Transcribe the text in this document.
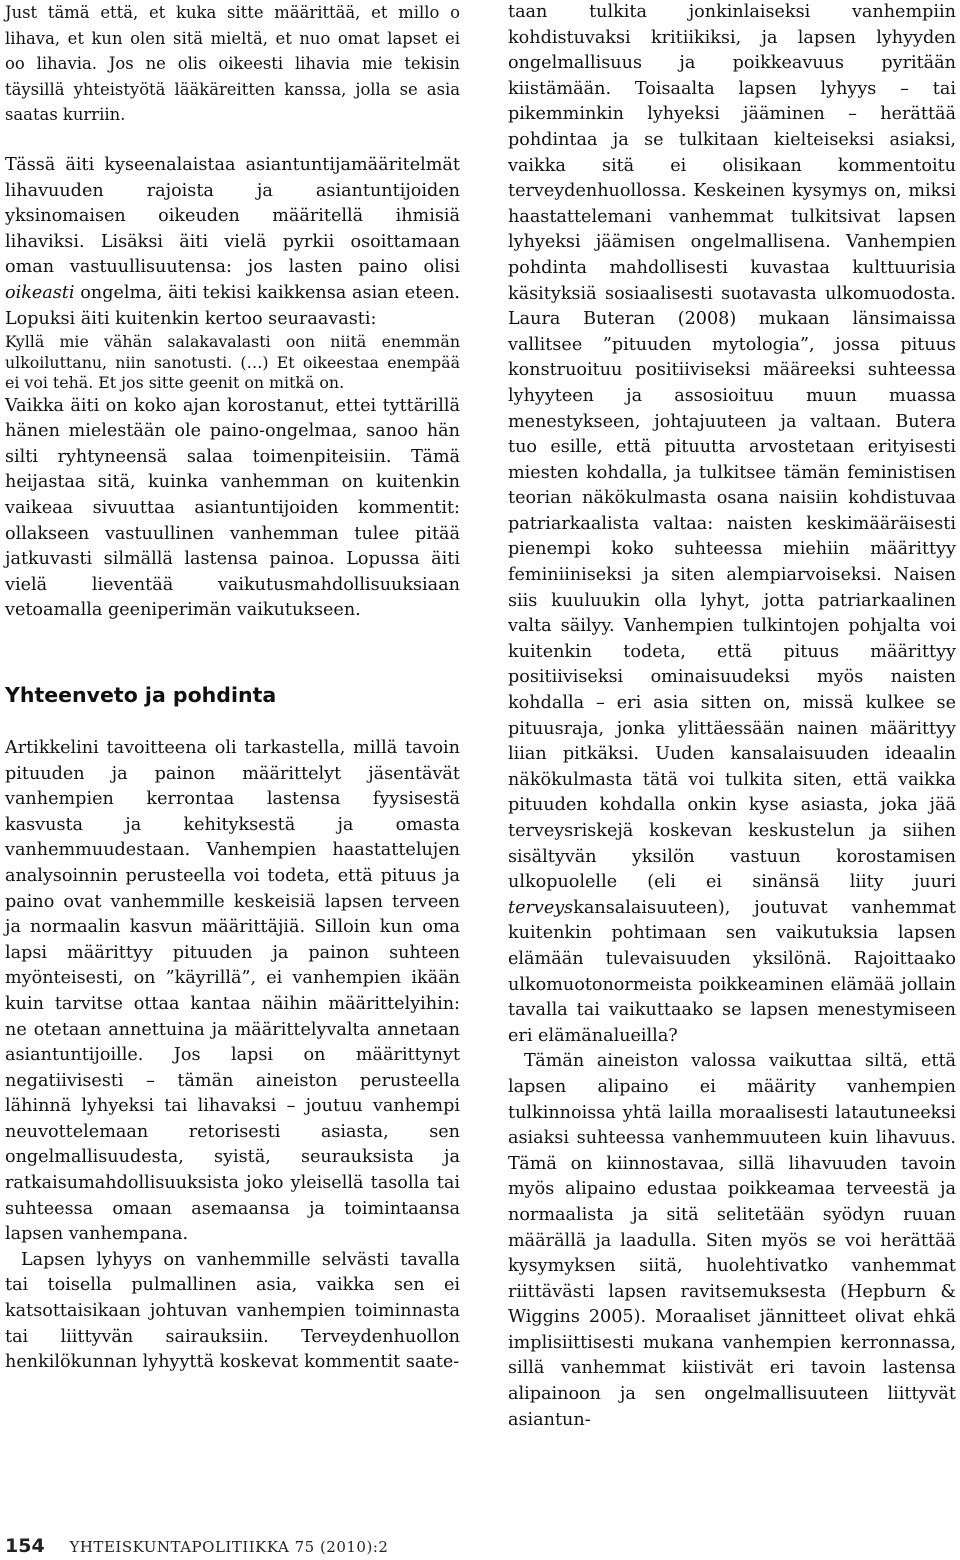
Just tämä että, et kuka sitte määrittää, et millo o lihava, et kun olen sitä mieltä, et nuo omat lapset ei oo lihavia. Jos ne olis oikeesti lihavia mie tekisin täysillä yhteistyötä lääkäreitten kanssa, jolla se asia saatas kurriin.

Tässä äiti kyseenalaistaa asiantuntijamääritelmät lihavuuden rajoista ja asiantuntijoiden yksinomaisen oikeuden määritellä ihmisiä lihaviksi. Lisäksi äiti vielä pyrkii osoittamaan oman vastuullisuutensa: jos lasten paino olisi oikeasti ongelma, äiti tekisi kaikkensa asian eteen. Lopuksi äiti kuitenkin kertoo seuraavasti:

Kyllä mie vähän salakavalasti oon niitä enemmän ulkoiluttanu, niin sanotusti. (…) Et oikeestaa enempää ei voi tehä. Et jos sitte geenit on mitkä on.

Vaikka äiti on koko ajan korostanut, ettei tyttärillä hänen mielestään ole paino-ongelmaa, sanoo hän silti ryhtyneensä salaa toimenpiteisiin. Tämä heijastaa sitä, kuinka vanhemman on kuitenkin vaikeaa sivuuttaa asiantuntijoiden kommentit: ollakseen vastuullinen vanhemman tulee pitää jatkuvasti silmällä lastensa painoa. Lopussa äiti vielä lieventää vaikutusmahdollisuuksiaan vetoamalla geeniperimän vaikutukseen.

Yhteenveto ja pohdinta

Artikkelini tavoitteena oli tarkastella, millä tavoin pituuden ja painon määrittelyt jäsentävät vanhempien kerrontaa lastensa fyysisestä kasvusta ja kehityksestä ja omasta vanhemmuudestaan. Vanhempien haastattelujen analysoinnin perusteella voi todeta, että pituus ja paino ovat vanhemmille keskeisiä lapsen terveen ja normaalin kasvun määrittäjiä. Silloin kun oma lapsi määrittyy pituuden ja painon suhteen myönteisesti, on ”käyrillä”, ei vanhempien ikään kuin tarvitse ottaa kantaa näihin määrittelyihin: ne otetaan annettuina ja määrittelyvalta annetaan asiantuntijoille. Jos lapsi on määrittynyt negatiivisesti – tämän aineiston perusteella lähinnä lyhyeksi tai lihavaksi – joutuu vanhempi neuvottelemaan retorisesti asiasta, sen ongelmallisuudesta, syistä, seurauksista ja ratkaisumahdollisuuksista joko yleisellä tasolla tai suhteessa omaan asemaansa ja toimintaansa lapsen vanhempana.

Lapsen lyhyys on vanhemmille selvästi tavalla tai toisella pulmallinen asia, vaikka sen ei katsottaisikaan johtuvan vanhempien toiminnasta tai liittyvän sairauksiin. Terveydenhuollon henkilökunnan lyhyyttä koskevat kommentit saate-

taan tulkita jonkinlaiseksi vanhempiin kohdistuvaksi kritiikiksi, ja lapsen lyhyyden ongelmallisuus ja poikkeavuus pyritään kiistämään. Toisaalta lapsen lyhyys – tai pikemminkin lyhyeksi jääminen – herättää pohdintaa ja se tulkitaan kielteiseksi asiaksi, vaikka sitä ei olisikaan kommentoitu terveydenhuollossa. Keskeinen kysymys on, miksi haastattelemani vanhemmat tulkitsivat lapsen lyhyeksi jäämisen ongelmallisena. Vanhempien pohdinta mahdollisesti kuvastaa kulttuurisia käsityksiä sosiaalisesti suotavasta ulkomuodosta. Laura Buteran (2008) mukaan länsimaissa vallitsee ”pituuden mytologia”, jossa pituus konstruoituu positiiviseksi määreeksi suhteessa lyhyyteen ja assosioituu muun muassa menestykseen, johtajuuteen ja valtaan. Butera tuo esille, että pituutta arvostetaan erityisesti miesten kohdalla, ja tulkitsee tämän feministisen teorian näkökulmasta osana naisiin kohdistuvaa patriarkaalista valtaa: naisten keskimääräisesti pienempi koko suhteessa miehiin määrittyy feminiiniseksi ja siten alempiarvoiseksi. Naisen siis kuuluukin olla lyhyt, jotta patriarkaalinen valta säilyy. Vanhempien tulkintojen pohjalta voi kuitenkin todeta, että pituus määrittyy positiiviseksi ominaisuudeksi myös naisten kohdalla – eri asia sitten on, missä kulkee se pituusraja, jonka ylittäessään nainen määrittyy liian pitkäksi. Uuden kansalaisuuden ideaalin näkökulmasta tätä voi tulkita siten, että vaikka pituuden kohdalla onkin kyse asiasta, joka jää terveysriskejä koskevan keskustelun ja siihen sisältyvän yksilön vastuun korostamisen ulkopuolelle (eli ei sinänsä liity juuri terveyskansalaisuuteen), joutuvat vanhemmat kuitenkin pohtimaan sen vaikutuksia lapsen elämään tulevaisuuden yksilönä. Rajoittaako ulkomuotonormeista poikkeaminen elämää jollain tavalla tai vaikuttaako se lapsen menestymiseen eri elämänalueilla?

Tämän aineiston valossa vaikuttaa siltä, että lapsen alipaino ei määrity vanhempien tulkinnoissa yhtä lailla moraalisesti latautuneeksi asiaksi suhteessa vanhemmuuteen kuin lihavuus. Tämä on kiinnostavaa, sillä lihavuuden tavoin myös alipaino edustaa poikkeamaa terveestä ja normaalista ja sitä selitetään syödyn ruuan määrällä ja laadulla. Siten myös se voi herättää kysymyksen siitä, huolehtivatko vanhemmat riittävästi lapsen ravitsemuksesta (Hepburn & Wiggins 2005). Moraaliset jännitteet olivat ehkä implisiittisesti mukana vanhempien kerronnassa, sillä vanhemmat kiistivät eri tavoin lastensa alipainoon ja sen ongelmallisuuteen liittyvät asiantun-

154 YHTEISKUNTAPOLITIIKKA 75 (2010):2
